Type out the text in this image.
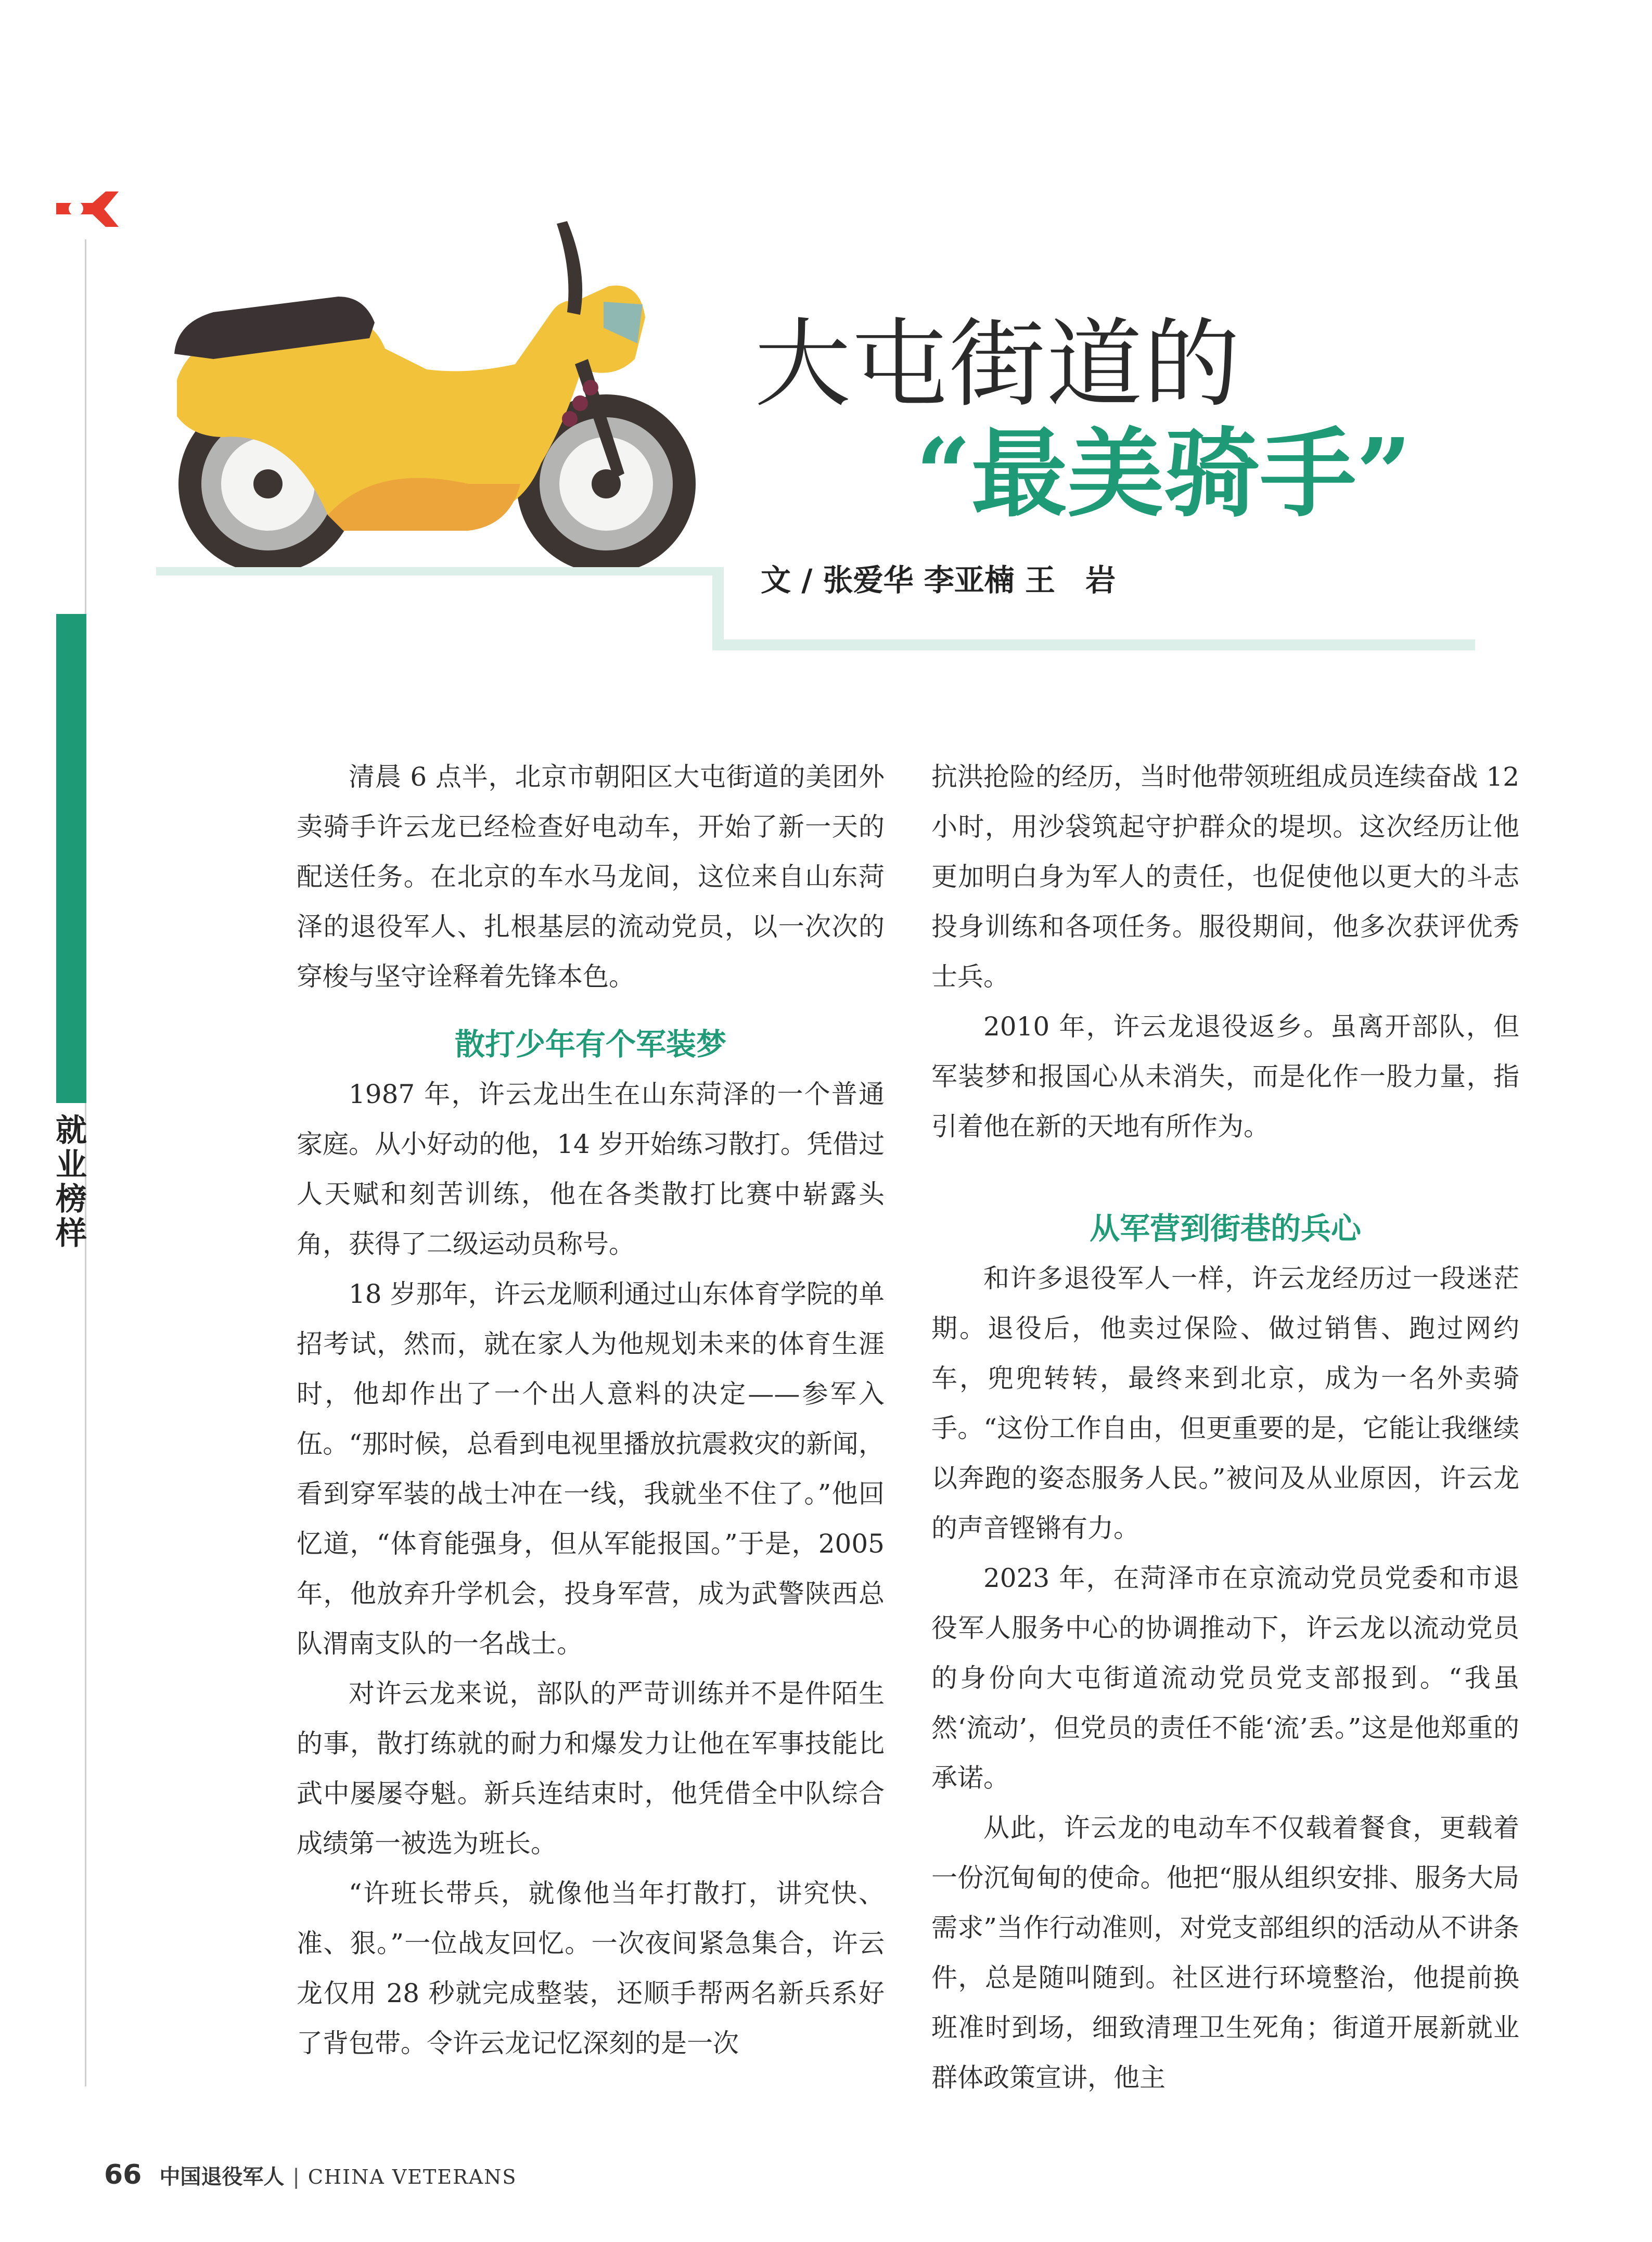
就业榜样
大屯街道的
“最美骑手”
文 / 张爱华 李亚楠 王　岩

清晨 6 点半，北京市朝阳区大屯街道的美团外卖骑手许云龙已经检查好电动车，开始了新一天的配送任务。在北京的车水马龙间，这位来自山东菏泽的退役军人、扎根基层的流动党员，以一次次的穿梭与坚守诠释着先锋本色。

散打少年有个军装梦

1987 年，许云龙出生在山东菏泽的一个普通家庭。从小好动的他，14 岁开始练习散打。凭借过人天赋和刻苦训练，他在各类散打比赛中崭露头角，获得了二级运动员称号。

18 岁那年，许云龙顺利通过山东体育学院的单招考试，然而，就在家人为他规划未来的体育生涯时，他却作出了一个出人意料的决定——参军入伍。“那时候，总看到电视里播放抗震救灾的新闻，看到穿军装的战士冲在一线，我就坐不住了。”他回忆道，“体育能强身，但从军能报国。”于是，2005 年，他放弃升学机会，投身军营，成为武警陕西总队渭南支队的一名战士。

对许云龙来说，部队的严苛训练并不是件陌生的事，散打练就的耐力和爆发力让他在军事技能比武中屡屡夺魁。新兵连结束时，他凭借全中队综合成绩第一被选为班长。

“许班长带兵，就像他当年打散打，讲究快、准、狠。”一位战友回忆。一次夜间紧急集合，许云龙仅用 28 秒就完成整装，还顺手帮两名新兵系好了背包带。令许云龙记忆深刻的是一次

抗洪抢险的经历，当时他带领班组成员连续奋战 12 小时，用沙袋筑起守护群众的堤坝。这次经历让他更加明白身为军人的责任，也促使他以更大的斗志投身训练和各项任务。服役期间，他多次获评优秀士兵。

2010 年，许云龙退役返乡。虽离开部队，但军装梦和报国心从未消失，而是化作一股力量，指引着他在新的天地有所作为。

从军营到街巷的兵心

和许多退役军人一样，许云龙经历过一段迷茫期。退役后，他卖过保险、做过销售、跑过网约车，兜兜转转，最终来到北京，成为一名外卖骑手。“这份工作自由，但更重要的是，它能让我继续以奔跑的姿态服务人民。”被问及从业原因，许云龙的声音铿锵有力。

2023 年，在菏泽市在京流动党员党委和市退役军人服务中心的协调推动下，许云龙以流动党员的身份向大屯街道流动党员党支部报到。“我虽然‘流动’，但党员的责任不能‘流’丢。”这是他郑重的承诺。

从此，许云龙的电动车不仅载着餐食，更载着一份沉甸甸的使命。他把“服从组织安排、服务大局需求”当作行动准则，对党支部组织的活动从不讲条件，总是随叫随到。社区进行环境整治，他提前换班准时到场，细致清理卫生死角；街道开展新就业群体政策宣讲，他主

66 中国退役军人 | CHINA VETERANS
